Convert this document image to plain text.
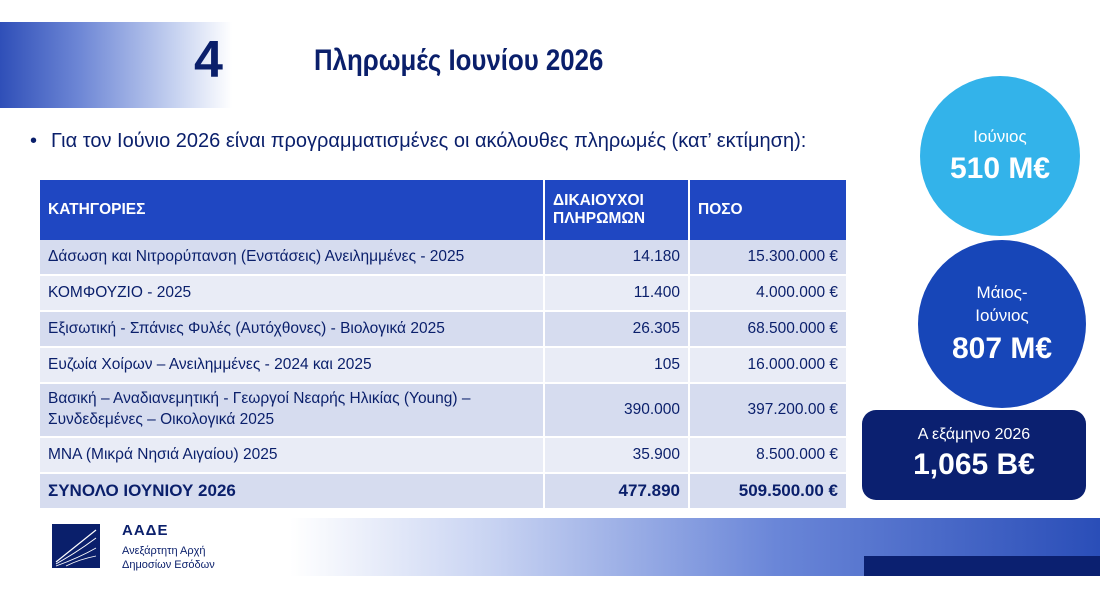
4	Πληρωμές Ιουνίου 2026
• Για τον Ιούνιο 2026 είναι προγραμματισμένες οι ακόλουθες πληρωμές (κατ’ εκτίμηση):
ΚΑΤΗΓΟΡΙΕΣ	ΔΙΚΑΙΟΥΧΟΙ ΠΛΗΡΩΜΩΝ	ΠΟΣΟ
Δάσωση και Νιτρορύπανση (Ενστάσεις) Ανειλημμένες - 2025	14.180	15.300.000 €
ΚΟΜΦΟΥΖΙΟ - 2025	11.400	4.000.000 €
Εξισωτική - Σπάνιες Φυλές (Αυτόχθονες) - Βιολογικά 2025	26.305	68.500.000 €
Ευζωία Χοίρων – Ανειλημμένες - 2024 και 2025	105	16.000.000 €
Βασική – Αναδιανεμητική - Γεωργοί Νεαρής Ηλικίας (Young) – Συνδεδεμένες – Οικολογικά 2025	390.000	397.200.00 €
ΜΝΑ (Μικρά Νησιά Αιγαίου) 2025	35.900	8.500.000 €
ΣΥΝΟΛΟ ΙΟΥΝΙΟΥ 2026	477.890	509.500.00 €
Ιούνιος
510 Μ€
Μάιος-
Ιούνιος
807 Μ€
Α εξάμηνο 2026
1,065 Β€
ΑΑΔΕ
Ανεξάρτητη Αρχή
Δημοσίων Εσόδων
